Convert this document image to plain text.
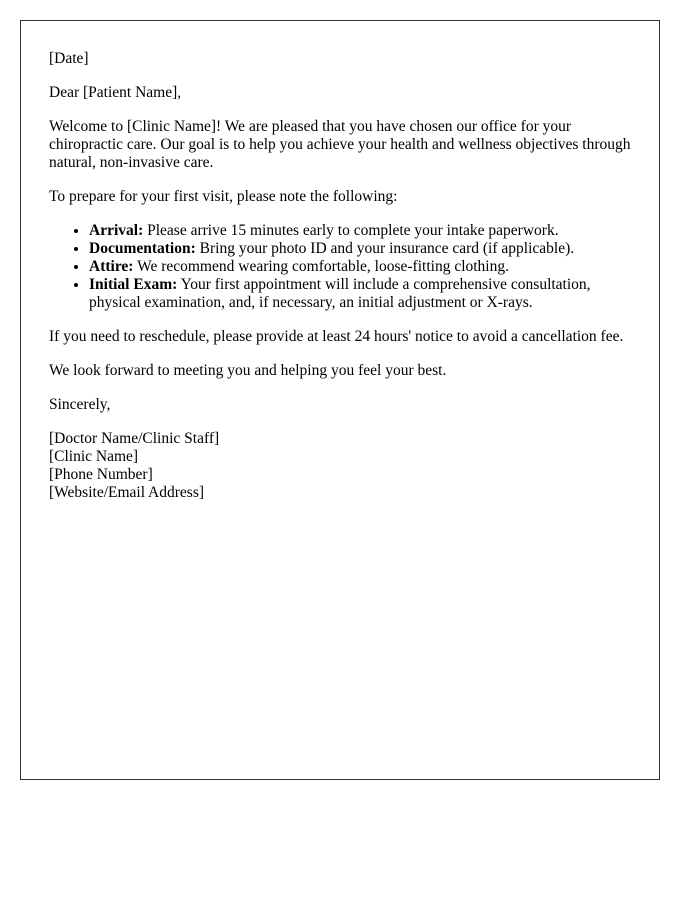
[Date]

Dear [Patient Name],

Welcome to [Clinic Name]! We are pleased that you have chosen our office for your chiropractic care. Our goal is to help you achieve your health and wellness objectives through natural, non-invasive care.

To prepare for your first visit, please note the following:

• Arrival: Please arrive 15 minutes early to complete your intake paperwork.
• Documentation: Bring your photo ID and your insurance card (if applicable).
• Attire: We recommend wearing comfortable, loose-fitting clothing.
• Initial Exam: Your first appointment will include a comprehensive consultation, physical examination, and, if necessary, an initial adjustment or X-rays.

If you need to reschedule, please provide at least 24 hours' notice to avoid a cancellation fee.

We look forward to meeting you and helping you feel your best.

Sincerely,

[Doctor Name/Clinic Staff]
[Clinic Name]
[Phone Number]
[Website/Email Address]
